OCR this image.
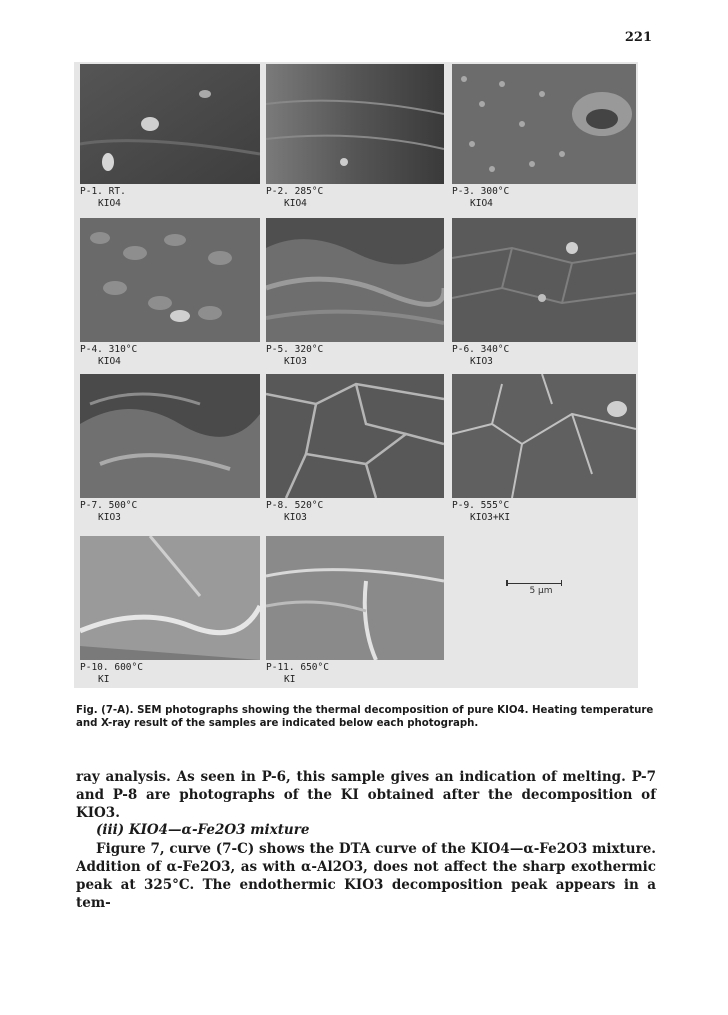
221
P-1. RT.
KIO4
P-2. 285°C
KIO4
P-3. 300°C
KIO4
P-4. 310°C
KIO4
P-5. 320°C
KIO3
P-6. 340°C
KIO3
P-7. 500°C
KIO3
P-8. 520°C
KIO3
P-9. 555°C
KIO3+KI
P-10. 600°C
KI
P-11. 650°C
KI
5 µm
Fig. (7-A). SEM photographs showing the thermal decomposition of pure KIO4. Heating temperature and X-ray result of the samples are indicated below each photograph.
ray analysis. As seen in P-6, this sample gives an indication of melting. P-7 and P-8 are photographs of the KI obtained after the decomposition of KIO3.
(iii) KIO4—α-Fe2O3 mixture
Figure 7, curve (7-C) shows the DTA curve of the KIO4—α-Fe2O3 mixture. Addition of α-Fe2O3, as with α-Al2O3, does not affect the sharp exothermic peak at 325°C. The endothermic KIO3 decomposition peak appears in a tem-
